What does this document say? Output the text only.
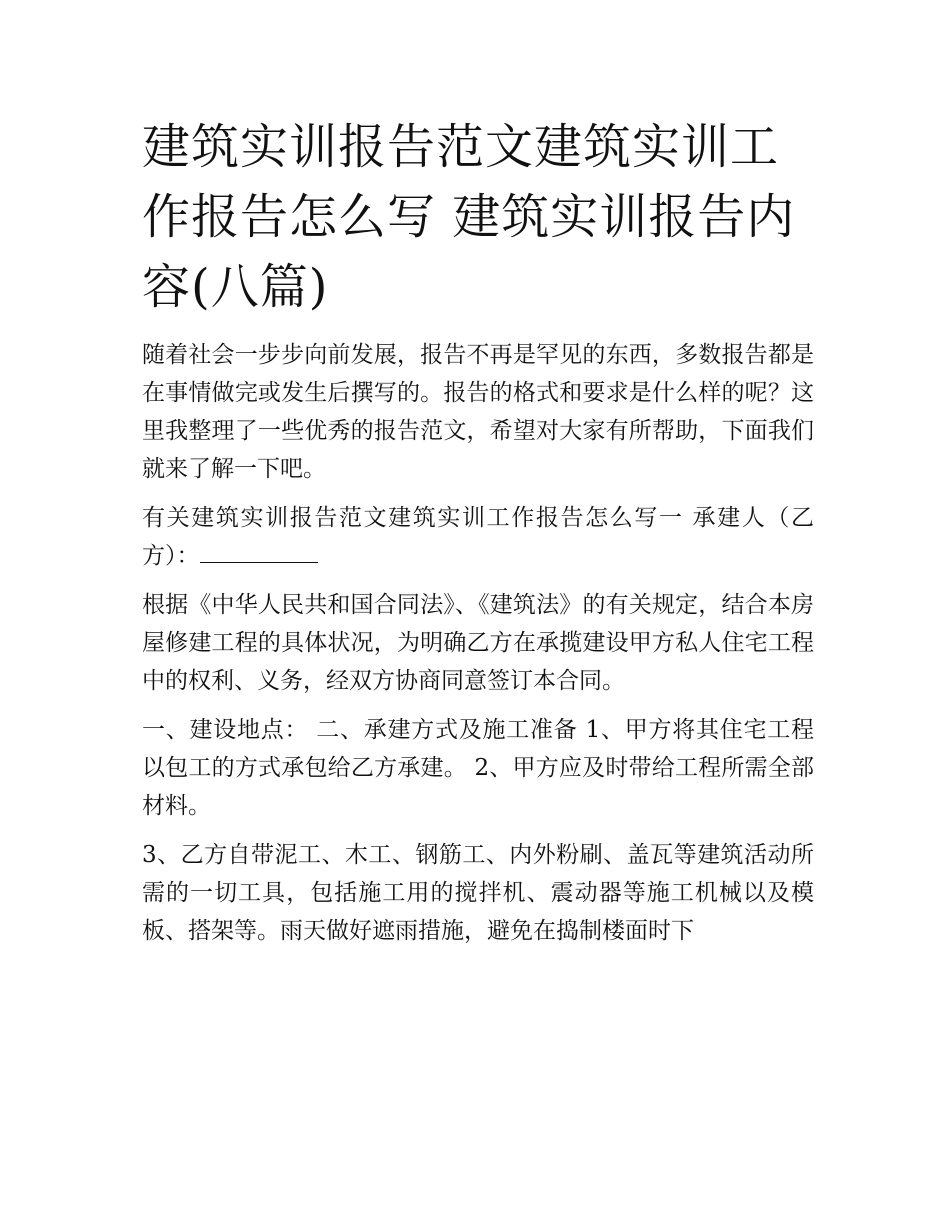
建筑实训报告范文建筑实训工作报告怎么写 建筑实训报告内容(八篇)

随着社会一步步向前发展，报告不再是罕见的东西，多数报告都是在事情做完或发生后撰写的。报告的格式和要求是什么样的呢？这里我整理了一些优秀的报告范文，希望对大家有所帮助，下面我们就来了解一下吧。

有关建筑实训报告范文建筑实训工作报告怎么写一 承建人（乙方）：

根据《中华人民共和国合同法》、《建筑法》的有关规定，结合本房屋修建工程的具体状况，为明确乙方在承揽建设甲方私人住宅工程中的权利、义务，经双方协商同意签订本合同。

一、建设地点： 二、承建方式及施工准备 1、甲方将其住宅工程以包工的方式承包给乙方承建。 2、甲方应及时带给工程所需全部材料。

3、乙方自带泥工、木工、钢筋工、内外粉刷、盖瓦等建筑活动所需的一切工具，包括施工用的搅拌机、震动器等施工机械以及模板、搭架等。雨天做好遮雨措施，避免在捣制楼面时下
